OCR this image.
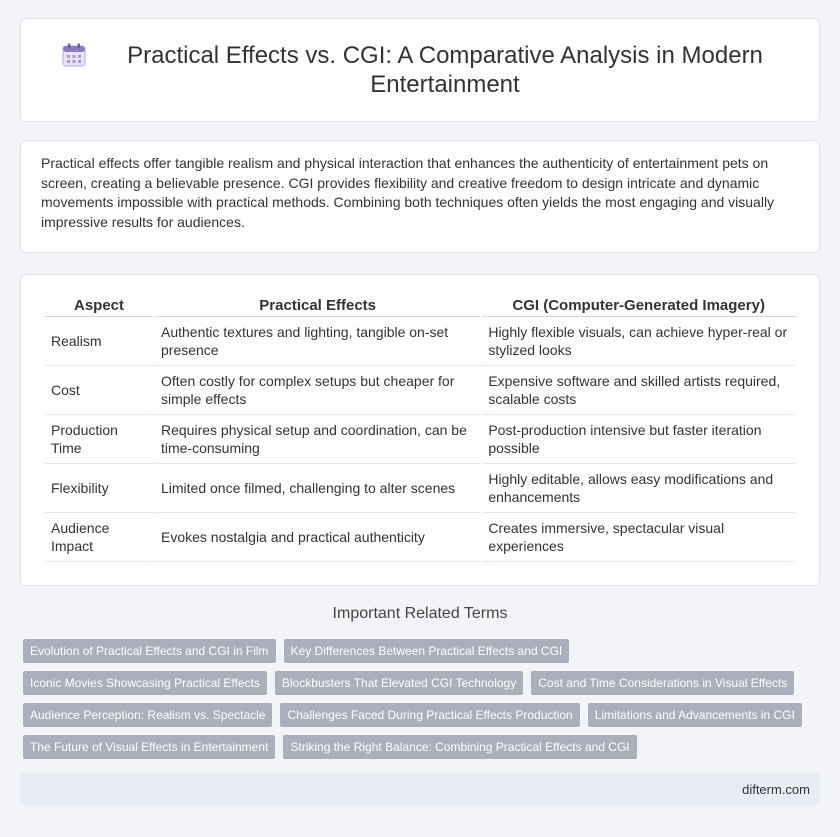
Practical Effects vs. CGI: A Comparative Analysis in Modern Entertainment

Practical effects offer tangible realism and physical interaction that enhances the authenticity of entertainment pets on screen, creating a believable presence. CGI provides flexibility and creative freedom to design intricate and dynamic movements impossible with practical methods. Combining both techniques often yields the most engaging and visually impressive results for audiences.

Aspect	Practical Effects	CGI (Computer-Generated Imagery)
Realism	Authentic textures and lighting, tangible on-set presence	Highly flexible visuals, can achieve hyper-real or stylized looks
Cost	Often costly for complex setups but cheaper for simple effects	Expensive software and skilled artists required, scalable costs
Production Time	Requires physical setup and coordination, can be time-consuming	Post-production intensive but faster iteration possible
Flexibility	Limited once filmed, challenging to alter scenes	Highly editable, allows easy modifications and enhancements
Audience Impact	Evokes nostalgia and practical authenticity	Creates immersive, spectacular visual experiences
Important Related Terms
Evolution of Practical Effects and CGI in Film	Key Differences Between Practical Effects and CGI
Iconic Movies Showcasing Practical Effects	Blockbusters That Elevated CGI Technology	Cost and Time Considerations in Visual Effects
Audience Perception: Realism vs. Spectacle	Challenges Faced During Practical Effects Production	Limitations and Advancements in CGI
The Future of Visual Effects in Entertainment	Striking the Right Balance: Combining Practical Effects and CGI
difterm.com
